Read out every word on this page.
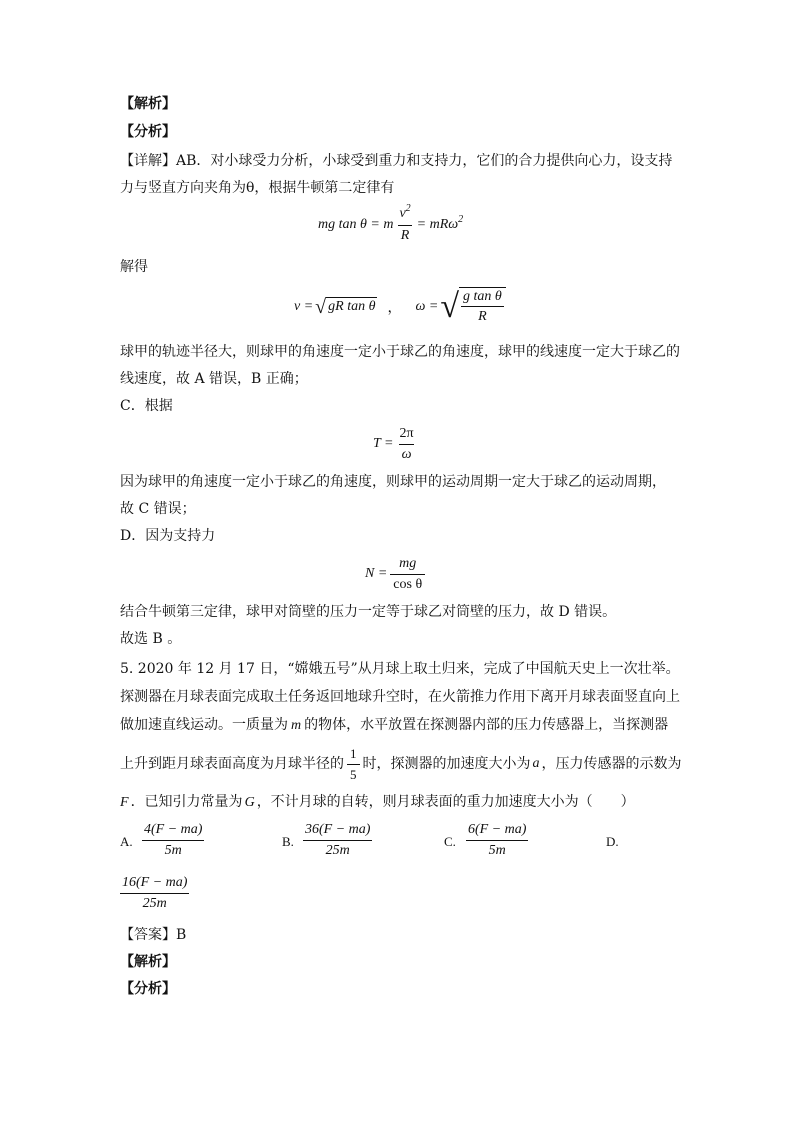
【解析】
【分析】
【详解】AB．对小球受力分析，小球受到重力和支持力，它们的合力提供向心力，设支持
力与竖直方向夹角为θ，根据牛顿第二定律有
mg tan θ = m $\frac{v^2}{R} = mR\omega$ 2
解得
v = √ gR tan θ ， ω = √ $\frac{\text{g tan θ}}{R}$
球甲的轨迹半径大，则球甲的角速度一定小于球乙的角速度，球甲的线速度一定大于球乙的
线速度，故 A 错误，B 正确；
C．根据
$T = \frac{2\pi}{\omega}$
因为球甲的角速度一定小于球乙的角速度，则球甲的运动周期一定大于球乙的运动周期，
故 C 错误；
D．因为支持力
$N = \frac{mg}{\text{cos θ}}$
结合牛顿第三定律，球甲对筒壁的压力一定等于球乙对筒壁的压力，故 D 错误。
故选 B 。
5. 2020 年 12 月 17 日，“嫦娥五号”从月球上取土归来，完成了中国航天史上一次壮举。
探测器在月球表面完成取土任务返回地球升空时，在火箭推力作用下离开月球表面竖直向上
做加速直线运动。一质量为 m 的物体，水平放置在探测器内部的压力传感器上，当探测器
上升到距月球表面高度为月球半径的 $\frac{1}{5}$ 时，探测器的加速度大小为 a ，压力传感器的示数为
F ．已知引力常量为 G ，不计月球的自转，则月球表面的重力加速度大小为（　　）
A. $\frac{4(F - ma)}{5m}$	B. $\frac{36(F - ma)}{25m}$	C. $\frac{6(F - ma)}{5m}$	D.
$\frac{16(F - ma)}{25m}$
【答案】B
【解析】
【分析】
